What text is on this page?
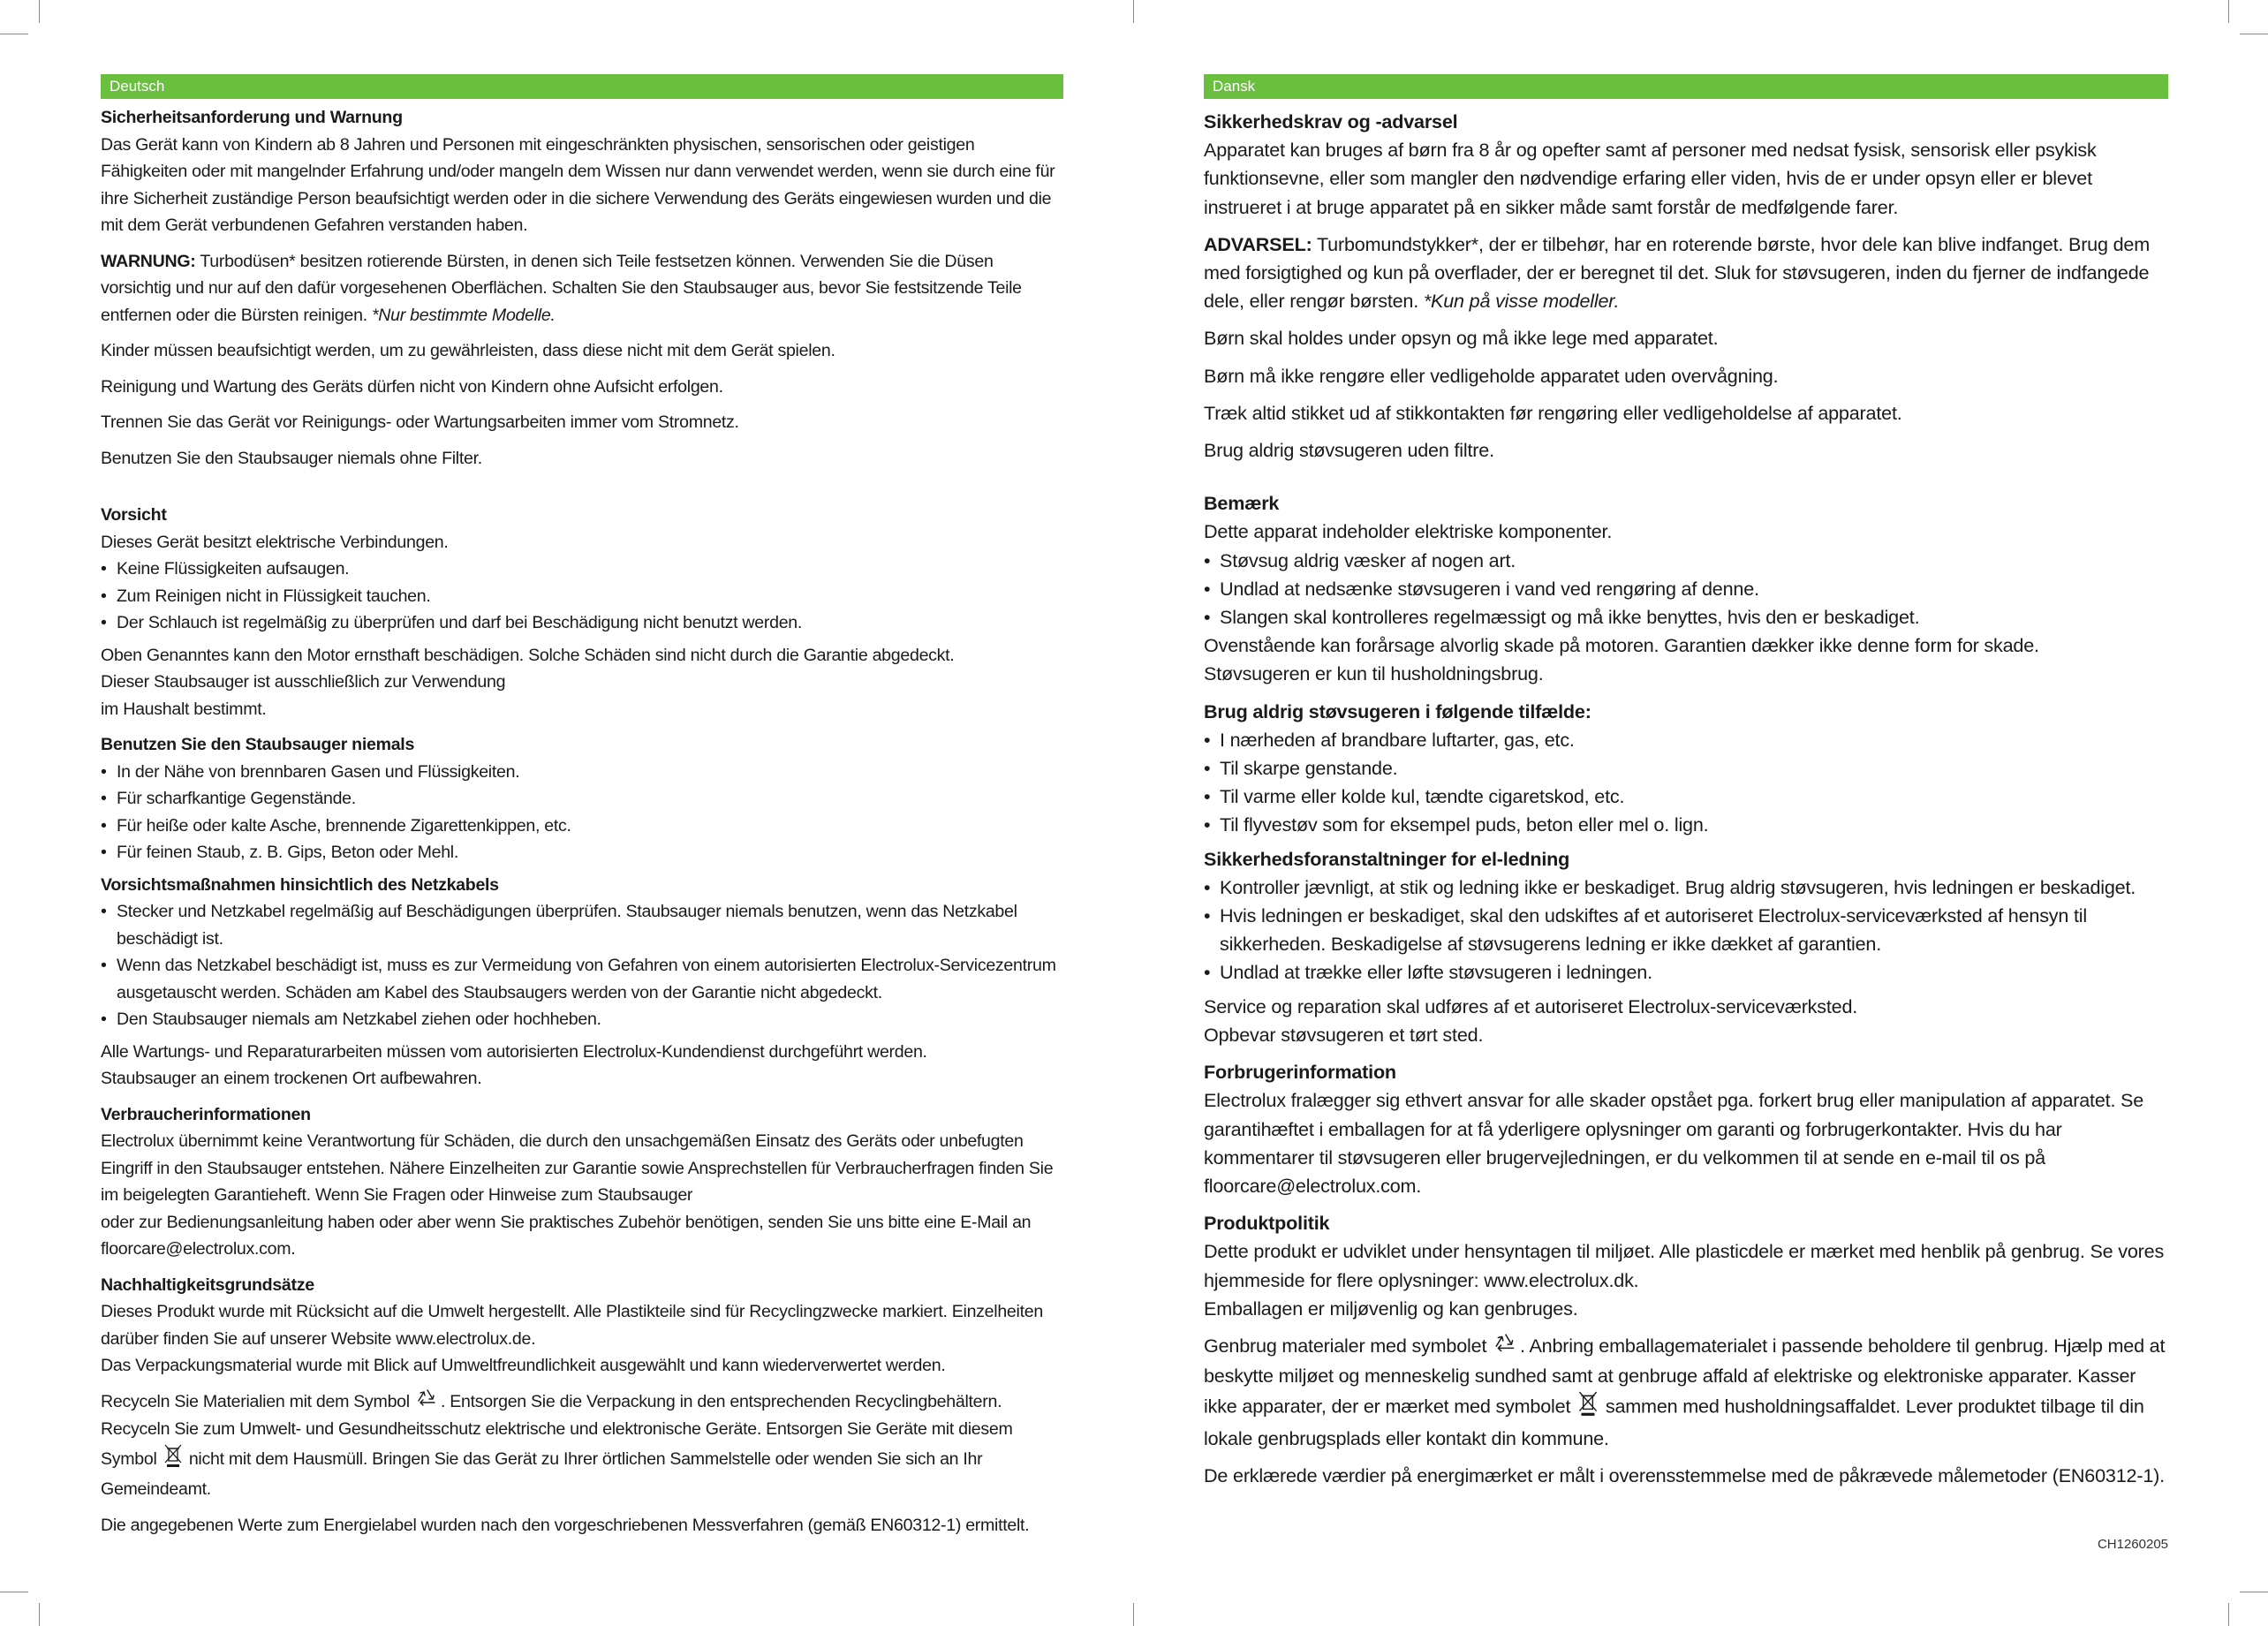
Deutsch
Sicherheitsanforderung und Warnung

Das Gerät kann von Kindern ab 8 Jahren und Personen mit eingeschränkten physischen, sensorischen oder geistigen Fähigkeiten oder mit mangelnder Erfahrung und/oder mangeln dem Wissen nur dann verwendet werden, wenn sie durch eine für ihre Sicherheit zuständige Person beaufsichtigt werden oder in die sichere Verwendung des Geräts eingewiesen wurden und die mit dem Gerät verbundenen Gefahren verstanden haben.

WARNUNG: Turbodüsen* besitzen rotierende Bürsten, in denen sich Teile festsetzen können. Verwenden Sie die Düsen vorsichtig und nur auf den dafür vorgesehenen Oberflächen. Schalten Sie den Staubsauger aus, bevor Sie festsitzende Teile entfernen oder die Bürsten reinigen. *Nur bestimmte Modelle.

Kinder müssen beaufsichtigt werden, um zu gewährleisten, dass diese nicht mit dem Gerät spielen.

Reinigung und Wartung des Geräts dürfen nicht von Kindern ohne Aufsicht erfolgen.

Trennen Sie das Gerät vor Reinigungs- oder Wartungsarbeiten immer vom Stromnetz.

Benutzen Sie den Staubsauger niemals ohne Filter.

Vorsicht
Dieses Gerät besitzt elektrische Verbindungen.
• Keine Flüssigkeiten aufsaugen.
• Zum Reinigen nicht in Flüssigkeit tauchen.
• Der Schlauch ist regelmäßig zu überprüfen und darf bei Beschädigung nicht benutzt werden.
Oben Genanntes kann den Motor ernsthaft beschädigen. Solche Schäden sind nicht durch die Garantie abgedeckt.
Dieser Staubsauger ist ausschließlich zur Verwendung

im Haushalt bestimmt.

Benutzen Sie den Staubsauger niemals
• In der Nähe von brennbaren Gasen und Flüssigkeiten.
• Für scharfkantige Gegenstände.
• Für heiße oder kalte Asche, brennende Zigarettenkippen, etc.
• Für feinen Staub, z. B. Gips, Beton oder Mehl.
Vorsichtsmaßnahmen hinsichtlich des Netzkabels
• Stecker und Netzkabel regelmäßig auf Beschädigungen überprüfen. Staubsauger niemals benutzen, wenn das Netzkabel beschädigt ist.
• Wenn das Netzkabel beschädigt ist, muss es zur Vermeidung von Gefahren von einem autorisierten Electrolux-Servicezentrum ausgetauscht werden. Schäden am Kabel des Staubsaugers werden von der Garantie nicht abgedeckt.
• Den Staubsauger niemals am Netzkabel ziehen oder hochheben.
Alle Wartungs- und Reparaturarbeiten müssen vom autorisierten Electrolux-Kundendienst durchgeführt werden.

Staubsauger an einem trockenen Ort aufbewahren.

Verbraucherinformationen
Electrolux übernimmt keine Verantwortung für Schäden, die durch den unsachgemäßen Einsatz des Geräts oder unbefugten Eingriff in den Staubsauger entstehen. Nähere Einzelheiten zur Garantie sowie Ansprechstellen für Verbraucherfragen finden Sie im beigelegten Garantieheft. Wenn Sie Fragen oder Hinweise zum Staubsauger

oder zur Bedienungsanleitung haben oder aber wenn Sie praktisches Zubehör benötigen, senden Sie uns bitte eine E-Mail an floorcare@electrolux.com.

Nachhaltigkeitsgrundsätze
Dieses Produkt wurde mit Rücksicht auf die Umwelt hergestellt. Alle Plastikteile sind für Recyclingzwecke markiert. Einzelheiten darüber finden Sie auf unserer Website www.electrolux.de.

Das Verpackungsmaterial wurde mit Blick auf Umweltfreundlichkeit ausgewählt und kann wiederverwertet werden.

Recyceln Sie Materialien mit dem Symbol . Entsorgen Sie die Verpackung in den entsprechenden Recyclingbehältern. Recyceln Sie zum Umwelt- und Gesundheitsschutz elektrische und elektronische Geräte. Entsorgen Sie Geräte mit diesem Symbol  nicht mit dem Hausmüll. Bringen Sie das Gerät zu Ihrer örtlichen Sammelstelle oder wenden Sie sich an Ihr Gemeindeamt.

Die angegebenen Werte zum Energielabel wurden nach den vorgeschriebenen Messverfahren (gemäß EN60312-1) ermittelt.

Dansk
Sikkerhedskrav og -advarsel

Apparatet kan bruges af børn fra 8 år og opefter samt af personer med nedsat fysisk, sensorisk eller psykisk funktionsevne, eller som mangler den nødvendige erfaring eller viden, hvis de er under opsyn eller er blevet instrueret i at bruge apparatet på en sikker måde samt forstår de medfølgende farer.

ADVARSEL: Turbomundstykker*, der er tilbehør, har en roterende børste, hvor dele kan blive indfanget. Brug dem med forsigtighed og kun på overflader, der er beregnet til det. Sluk for støvsugeren, inden du fjerner de indfangede dele, eller rengør børsten. *Kun på visse modeller.

Børn skal holdes under opsyn og må ikke lege med apparatet.

Børn må ikke rengøre eller vedligeholde apparatet uden overvågning.

Træk altid stikket ud af stikkontakten før rengøring eller vedligeholdelse af apparatet.

Brug aldrig støvsugeren uden filtre.

Bemærk
Dette apparat indeholder elektriske komponenter.
• Støvsug aldrig væsker af nogen art.
• Undlad at nedsænke støvsugeren i vand ved rengøring af denne.
• Slangen skal kontrolleres regelmæssigt og må ikke benyttes, hvis den er beskadiget.
Ovenstående kan forårsage alvorlig skade på motoren. Garantien dækker ikke denne form for skade.

Støvsugeren er kun til husholdningsbrug.

Brug aldrig støvsugeren i følgende tilfælde:
• I nærheden af brandbare luftarter, gas, etc.
• Til skarpe genstande.
• Til varme eller kolde kul, tændte cigaretskod, etc.
• Til flyvestøv som for eksempel puds, beton eller mel o. lign.
Sikkerhedsforanstaltninger for el-ledning
• Kontroller jævnligt, at stik og ledning ikke er beskadiget. Brug aldrig støvsugeren, hvis ledningen er beskadiget.
• Hvis ledningen er beskadiget, skal den udskiftes af et autoriseret Electrolux-serviceværksted af hensyn til sikkerheden. Beskadigelse af støvsugerens ledning er ikke dækket af garantien.
• Undlad at trække eller løfte støvsugeren i ledningen.
Service og reparation skal udføres af et autoriseret Electrolux-serviceværksted.

Opbevar støvsugeren et tørt sted.

Forbrugerinformation

Electrolux fralægger sig ethvert ansvar for alle skader opstået pga. forkert brug eller manipulation af apparatet. Se garantihæftet i emballagen for at få yderligere oplysninger om garanti og forbrugerkontakter. Hvis du har kommentarer til støvsugeren eller brugervejledningen, er du velkommen til at sende en e-mail til os på floorcare@electrolux.com.

Produktpolitik
Dette produkt er udviklet under hensyntagen til miljøet. Alle plasticdele er mærket med henblik på genbrug. Se vores hjemmeside for flere oplysninger: www.electrolux.dk.

Emballagen er miljøvenlig og kan genbruges.

Genbrug materialer med symbolet . Anbring emballagematerialet i passende beholdere til genbrug. Hjælp med at beskytte miljøet og menneskelig sundhed samt at genbruge affald af elektriske og elektroniske apparater. Kasser ikke apparater, der er mærket med symbolet  sammen med husholdningsaffaldet. Lever produktet tilbage til din lokale genbrugsplads eller kontakt din kommune.

De erklærede værdier på energimærket er målt i overensstemmelse med de påkrævede målemetoder (EN60312-1).

CH1260205
